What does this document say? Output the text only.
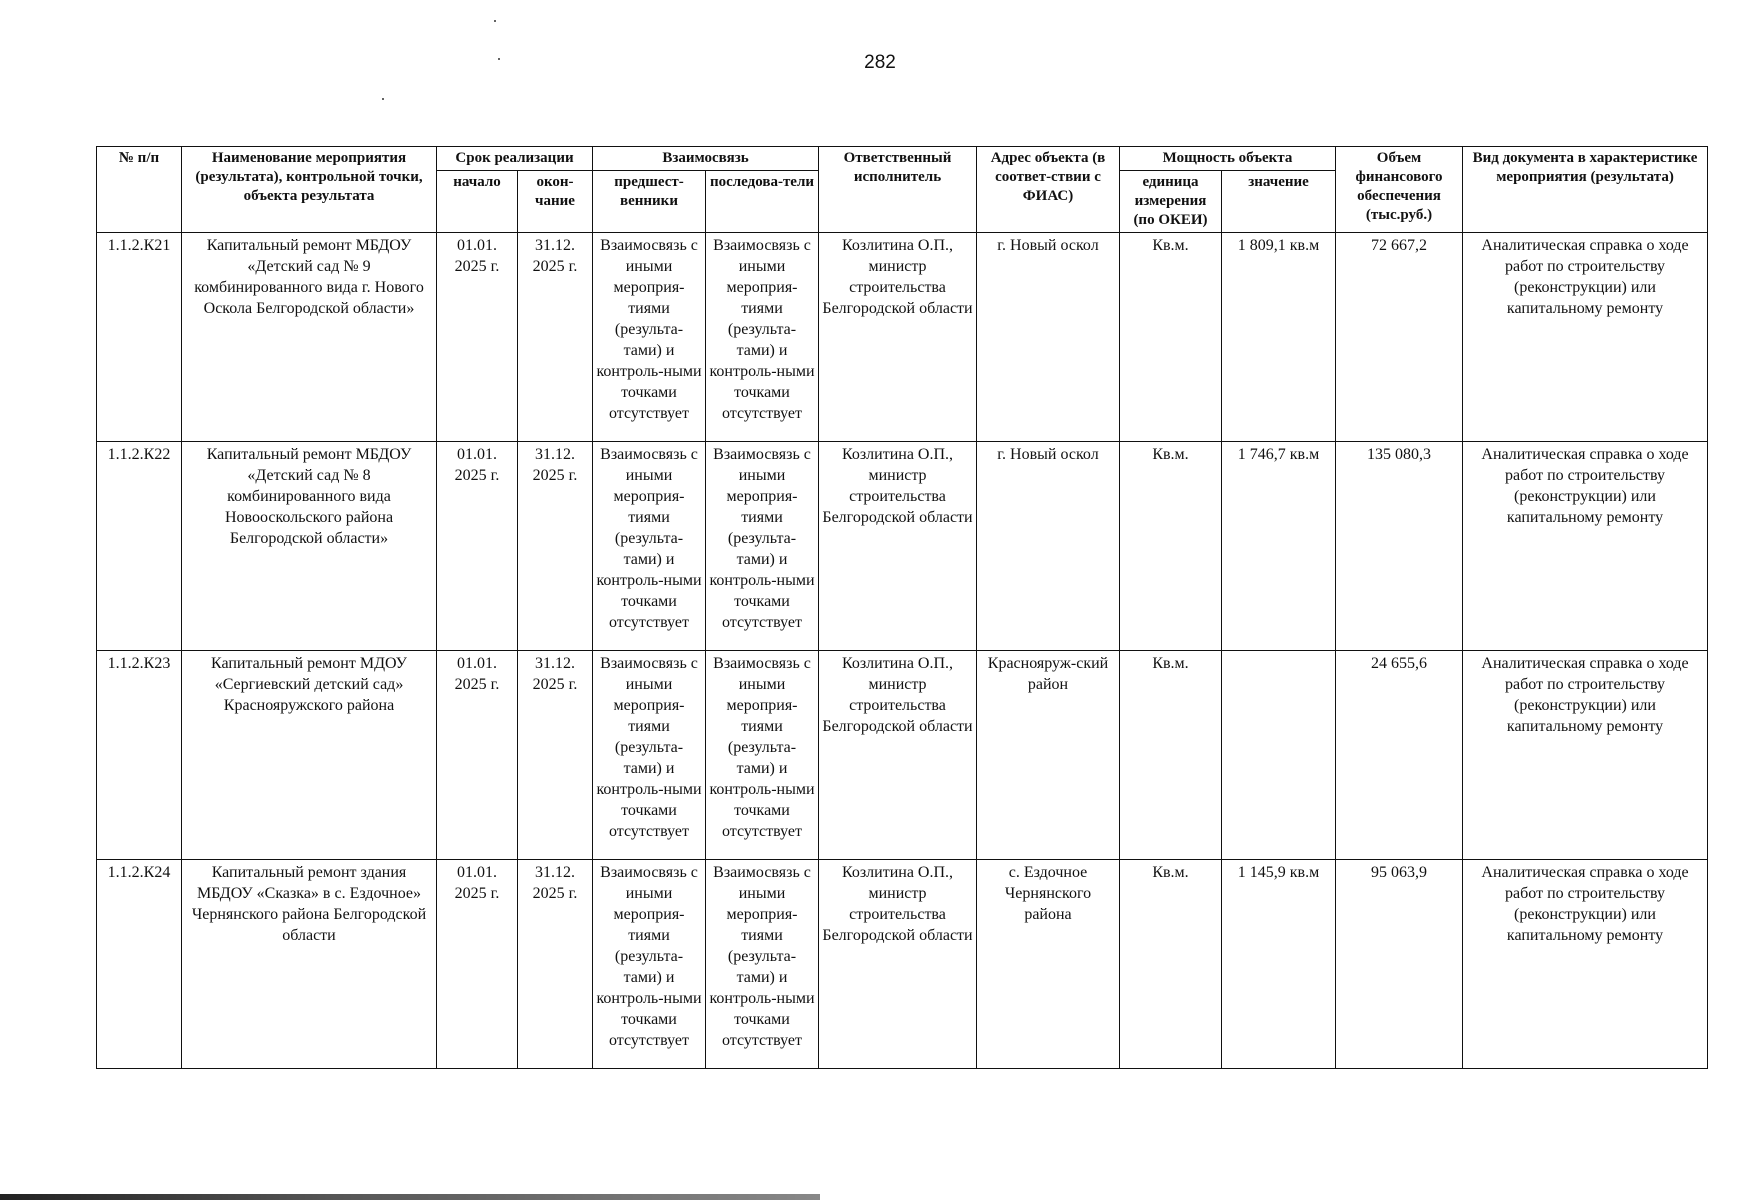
282
№ п/п	Наименование мероприятия (результата), контрольной точки, объекта результата	Срок реализации		Взаимосвязь		Ответственный исполнитель	Адрес объекта (в соответ-ствии с ФИАС)	Мощность объекта		Объем финансового обеспечения (тыс.руб.)	Вид документа в характеристике мероприятия (результата)
		начало	окон-чание	предшест-венники	последова-тели			единица измерения (по ОКЕИ)	значение		
1.1.2.К21	Капитальный ремонт МБДОУ «Детский сад № 9 комбинированного вида г. Нового Оскола Белгородской области»	01.01. 2025 г.	31.12. 2025 г.	Взаимосвязь с иными мероприя-тиями (результа-тами) и контроль-ными точками отсутствует	Взаимосвязь с иными мероприя-тиями (результа-тами) и контроль-ными точками отсутствует	Козлитина О.П., министр строительства Белгородской области	г. Новый оскол	Кв.м.	1 809,1 кв.м	72 667,2	Аналитическая справка о ходе работ по строительству (реконструкции) или капитальному ремонту
1.1.2.К22	Капитальный ремонт МБДОУ «Детский сад № 8 комбинированного вида Новооскольского района Белгородской области»	01.01. 2025 г.	31.12. 2025 г.	Взаимосвязь с иными мероприя-тиями (результа-тами) и контроль-ными точками отсутствует	Взаимосвязь с иными мероприя-тиями (результа-тами) и контроль-ными точками отсутствует	Козлитина О.П., министр строительства Белгородской области	г. Новый оскол	Кв.м.	1 746,7 кв.м	135 080,3	Аналитическая справка о ходе работ по строительству (реконструкции) или капитальному ремонту
1.1.2.К23	Капитальный ремонт МДОУ «Сергиевский детский сад» Краснояружского района	01.01. 2025 г.	31.12. 2025 г.	Взаимосвязь с иными мероприя-тиями (результа-тами) и контроль-ными точками отсутствует	Взаимосвязь с иными мероприя-тиями (результа-тами) и контроль-ными точками отсутствует	Козлитина О.П., министр строительства Белгородской области	Краснояруж-ский район	Кв.м.		24 655,6	Аналитическая справка о ходе работ по строительству (реконструкции) или капитальному ремонту
1.1.2.К24	Капитальный ремонт здания МБДОУ «Сказка» в с. Ездочное» Чернянского района Белгородской области	01.01. 2025 г.	31.12. 2025 г.	Взаимосвязь с иными мероприя-тиями (результа-тами) и контроль-ными точками отсутствует	Взаимосвязь с иными мероприя-тиями (результа-тами) и контроль-ными точками отсутствует	Козлитина О.П., министр строительства Белгородской области	с. Ездочное Чернянского района	Кв.м.	1 145,9 кв.м	95 063,9	Аналитическая справка о ходе работ по строительству (реконструкции) или капитальному ремонту
